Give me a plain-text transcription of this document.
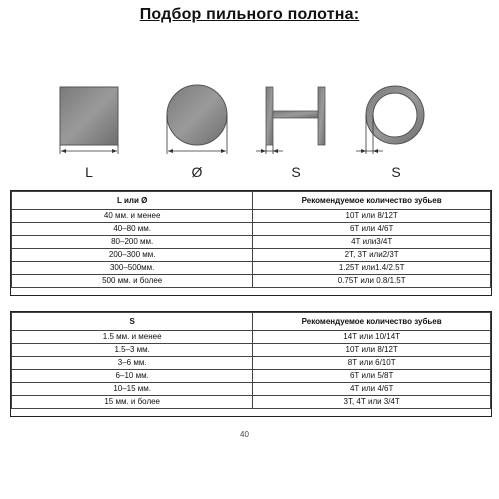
Подбор пильного полотна:
L	Ø	S	S
L или Ø	Рекомендуемое количество зубьев
40 мм. и менее	10Т или 8/12Т
40–80 мм.	6Т или 4/6Т
80–200 мм.	4Т или3/4Т
200–300 мм.	2Т, 3Т или2/3Т
300–500мм.	1.25Т или1.4/2.5Т
500 мм. и более	0.75Т или 0.8/1.5Т
S	Рекомендуемое количество зубьев
1.5 мм. и менее	14Т или 10/14Т
1.5–3 мм.	10Т или 8/12Т
3–6 мм.	8Т или 6/10Т
6–10 мм.	6Т или 5/8Т
10–15 мм.	4Т или 4/6Т
15 мм. и более	3Т, 4Т или 3/4Т
40
